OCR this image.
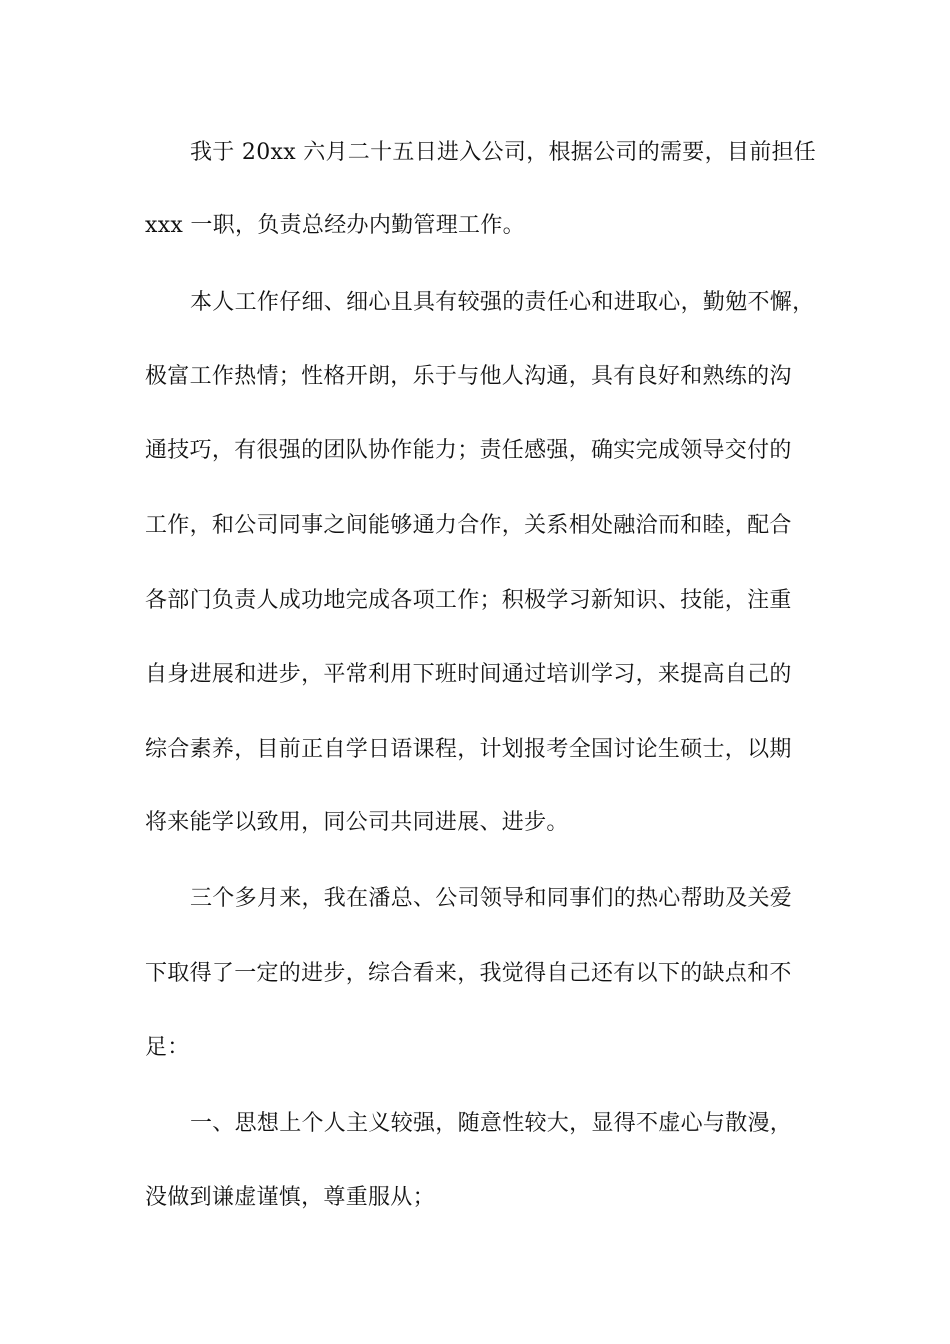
我于 20xx 六月二十五日进入公司，根据公司的需要，目前担任

xxx 一职，负责总经办内勤管理工作。

本人工作仔细、细心且具有较强的责任心和进取心，勤勉不懈，

极富工作热情；性格开朗，乐于与他人沟通，具有良好和熟练的沟

通技巧，有很强的团队协作能力；责任感强，确实完成领导交付的

工作，和公司同事之间能够通力合作，关系相处融洽而和睦，配合

各部门负责人成功地完成各项工作；积极学习新知识、技能，注重

自身进展和进步，平常利用下班时间通过培训学习，来提高自己的

综合素养，目前正自学日语课程，计划报考全国讨论生硕士，以期

将来能学以致用，同公司共同进展、进步。

三个多月来，我在潘总、公司领导和同事们的热心帮助及关爱

下取得了一定的进步，综合看来，我觉得自己还有以下的缺点和不

足：

一、思想上个人主义较强，随意性较大，显得不虚心与散漫，

没做到谦虚谨慎，尊重服从；
